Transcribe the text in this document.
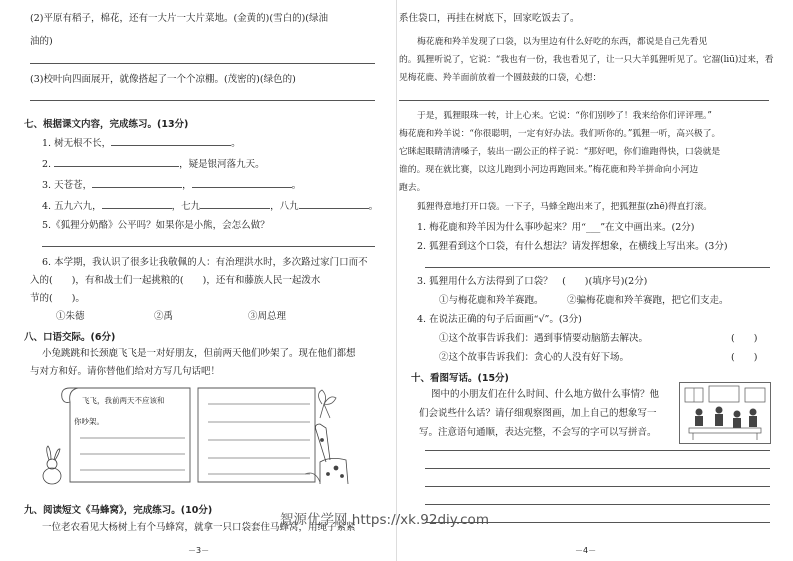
(2)平原有稻子，棉花，还有一大片一大片菜地。(金黄的)(雪白的)(绿油
油的)
(3)校叶向四面展开，就像搭起了一个个凉棚。(茂密的)(绿色的)
七、根据课文内容，完成练习。(13分)
1. 树无根不长，	。
2.	，疑是银河落九天。
3. 天苍苍，	，	。
4. 五九六九，	，七九	，八九	。
5.《狐狸分奶酪》公平吗？如果你是小熊，会怎么做？
6. 本学期，我认识了很多让我敬佩的人：有治理洪水时，多次路过家门口而不
入的(　　)，有和战士们一起挑粮的(　　)，还有和藤族人民一起泼水
节的(　　)。
①朱德	②禹	③周总理
八、口语交际。(6分)
小兔跳跳和长颈鹿飞飞是一对好朋友，但前两天他们吵架了。现在他们都想
与对方和好。请你替他们给对方写几句话吧！
飞飞，我前两天不应该和
你吵架。
九、阅读短文《马蜂窝》，完成练习。(10分)
一位老农看见大杨树上有个马蜂窝，就拿一只口袋套住马蜂窝，用绳子紧紧
－3－
系住袋口，再挂在树底下，回家吃饭去了。
梅花鹿和羚羊发现了口袋，以为里边有什么好吃的东西，都说是自己先看见
的。狐狸听说了，它说：“我也有一份，我也看见了，让一只大羊狐狸听见了。它溜(liū)过来，看
见梅花鹿、羚羊面前放着一个圆鼓鼓的口袋，心想：
于是，狐狸眼珠一转，计上心来。它说：“你们别吵了！我来给你们评评理。”
梅花鹿和羚羊说：“你很聪明，一定有好办法。我们听你的。”狐狸一听，高兴极了。
它眯起眼睛清清嗓子，装出一副公正的样子说：“那好吧，你们谁跑得快，口袋就是
谁的。现在就比赛，以这儿跑到小河边再跑回来。”梅花鹿和羚羊拼命向小河边
跑去。
狐狸得意地打开口袋。一下子，马蜂全跑出来了，把狐狸蜇(zhē)得直打滚。
1. 梅花鹿和羚羊因为什么事吵起来？用“___”在文中画出来。(2分)
2. 狐狸看到这个口袋，有什么想法？请发挥想象，在横线上写出来。(3分)
3. 狐狸用什么方法得到了口袋？　(　　)(填序号)(2分)
①与梅花鹿和羚羊赛跑。 ②骗梅花鹿和羚羊赛跑，把它们支走。
4. 在说法正确的句子后面画“√”。(3分)
①这个故事告诉我们：遇到事情要动脑筋去解决。	(　　)
②这个故事告诉我们：贪心的人没有好下场。	(　　)
十、看图写话。(15分)
图中的小朋友们在什么时间、什么地方做什么事情？他
们会说些什么话？请仔细观察图画，加上自己的想象写一
写。注意语句通顺，表达完整，不会写的字可以写拼音。
－4－
智源优学网 https://xk.92diy.com
